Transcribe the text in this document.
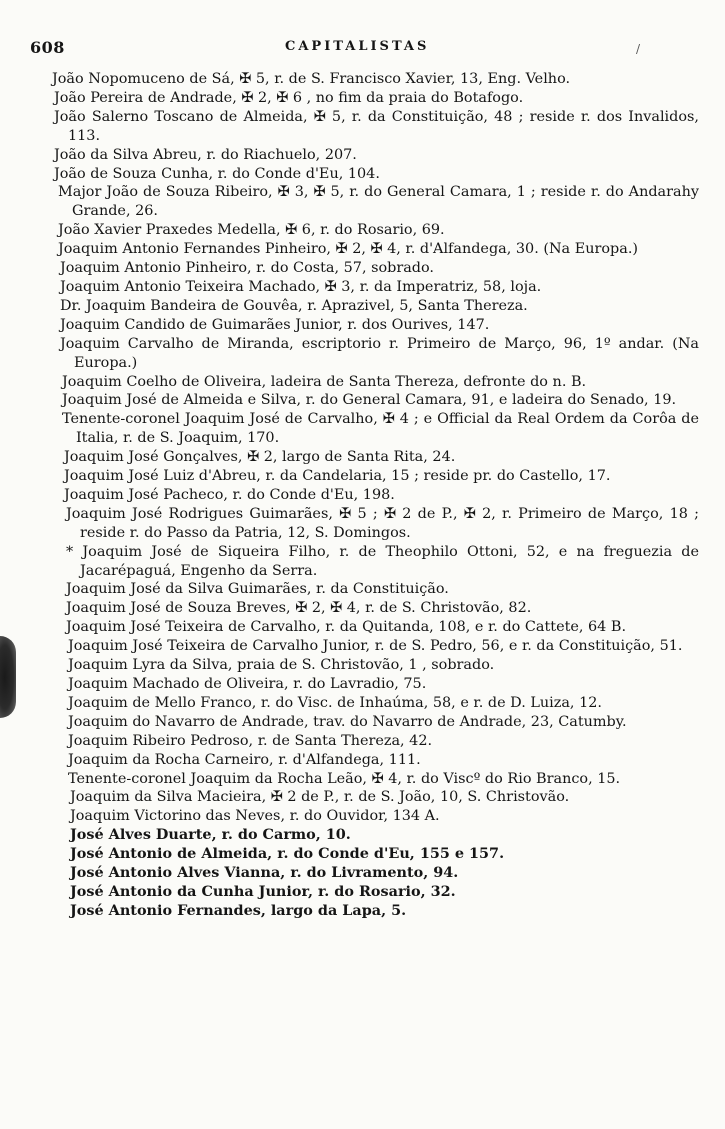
608	CAPITALISTAS	/

João Nopomuceno de Sá, ✠ 5, r. de S. Francisco Xavier, 13, Eng. Velho.

João Pereira de Andrade, ✠ 2, ✠ 6 , no fim da praia do Botafogo.

João Salerno Toscano de Almeida, ✠ 5, r. da Constituição, 48 ; reside r. dos Invalidos, 113.

João da Silva Abreu, r. do Riachuelo, 207.

João de Souza Cunha, r. do Conde d'Eu, 104.

Major João de Souza Ribeiro, ✠ 3, ✠ 5, r. do General Camara, 1 ; reside r. do Andarahy Grande, 26.

João Xavier Praxedes Medella, ✠ 6, r. do Rosario, 69.

Joaquim Antonio Fernandes Pinheiro, ✠ 2, ✠ 4, r. d'Alfandega, 30. (Na Europa.)

Joaquim Antonio Pinheiro, r. do Costa, 57, sobrado.

Joaquim Antonio Teixeira Machado, ✠ 3, r. da Imperatriz, 58, loja.

Dr. Joaquim Bandeira de Gouvêa, r. Aprazivel, 5, Santa Thereza.

Joaquim Candido de Guimarães Junior, r. dos Ourives, 147.

Joaquim Carvalho de Miranda, escriptorio r. Primeiro de Março, 96, 1º andar. (Na Europa.)

Joaquim Coelho de Oliveira, ladeira de Santa Thereza, defronte do n. B.

Joaquim José de Almeida e Silva, r. do General Camara, 91, e ladeira do Senado, 19.

Tenente-coronel Joaquim José de Carvalho, ✠ 4 ; e Official da Real Ordem da Corôa de Italia, r. de S. Joaquim, 170.

Joaquim José Gonçalves, ✠ 2, largo de Santa Rita, 24.

Joaquim José Luiz d'Abreu, r. da Candelaria, 15 ; reside pr. do Castello, 17.

Joaquim José Pacheco, r. do Conde d'Eu, 198.

Joaquim José Rodrigues Guimarães, ✠ 5 ; ✠ 2 de P., ✠ 2, r. Primeiro de Março, 18 ; reside r. do Passo da Patria, 12, S. Domingos.

* Joaquim José de Siqueira Filho, r. de Theophilo Ottoni, 52, e na freguezia de Jacarépaguá, Engenho da Serra.

Joaquim José da Silva Guimarães, r. da Constituição.

Joaquim José de Souza Breves, ✠ 2, ✠ 4, r. de S. Christovão, 82.

Joaquim José Teixeira de Carvalho, r. da Quitanda, 108, e r. do Cattete, 64 B.

Joaquim José Teixeira de Carvalho Junior, r. de S. Pedro, 56, e r. da Constituição, 51.

Joaquim Lyra da Silva, praia de S. Christovão, 1 , sobrado.

Joaquim Machado de Oliveira, r. do Lavradio, 75.

Joaquim de Mello Franco, r. do Visc. de Inhaúma, 58, e r. de D. Luiza, 12.

Joaquim do Navarro de Andrade, trav. do Navarro de Andrade, 23, Catumby.

Joaquim Ribeiro Pedroso, r. de Santa Thereza, 42.

Joaquim da Rocha Carneiro, r. d'Alfandega, 111.

Tenente-coronel Joaquim da Rocha Leão, ✠ 4, r. do Viscº do Rio Branco, 15.

Joaquim da Silva Macieira, ✠ 2 de P., r. de S. João, 10, S. Christovão.

Joaquim Victorino das Neves, r. do Ouvidor, 134 A.

José Alves Duarte, r. do Carmo, 10.

José Antonio de Almeida, r. do Conde d'Eu, 155 e 157.

José Antonio Alves Vianna, r. do Livramento, 94.

José Antonio da Cunha Junior, r. do Rosario, 32.

José Antonio Fernandes, largo da Lapa, 5.
